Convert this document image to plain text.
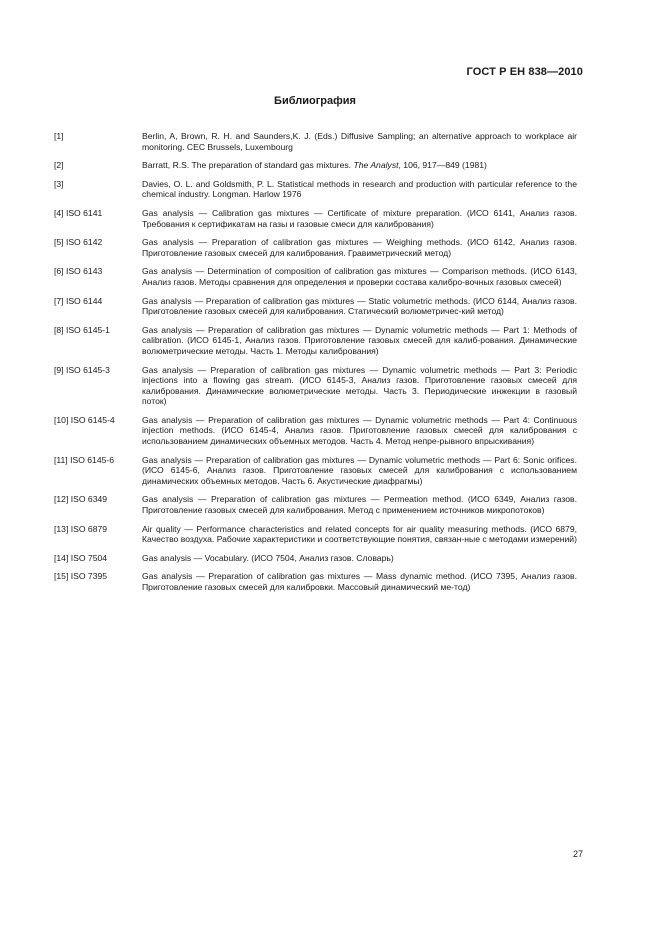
ГОСТ Р ЕН 838—2010
Библиография
[1]	Berlin, A, Brown, R. H. and Saunders,K. J. (Eds.) Diffusive Sampling; an alternative approach to workplace air monitoring. CEC Brussels, Luxembourg
[2]	Barratt, R.S. The preparation of standard gas mixtures. The Analyst, 106, 917—849 (1981)
[3]	Davies, O. L. and Goldsmith, P. L. Statistical methods in research and production with particular reference to the chemical industry. Longman. Harlow 1976
[4] ISO 6141	Gas analysis — Calibration gas mixtures — Certificate of mixture preparation. (ИСО 6141, Анализ газов. Требования к сертификатам на газы и газовые смеси для калибрования)
[5] ISO 6142	Gas analysis — Preparation of calibration gas mixtures — Weighing methods. (ИСО 6142, Анализ газов. Приготовление газовых смесей для калибрования. Гравиметрический метод)
[6] ISO 6143	Gas analysis — Determination of composition of calibration gas mixtures — Comparison methods. (ИСО 6143, Анализ газов. Методы сравнения для определения и проверки состава калибро-вочных газовых смесей)
[7] ISO 6144	Gas analysis — Preparation of calibration gas mixtures — Static volumetric methods. (ИСО 6144, Анализ газов. Приготовление газовых смесей для калибрования. Статический волюметричес-кий метод)
[8] ISO 6145-1	Gas analysis — Preparation of calibration gas mixtures — Dynamic volumetric methods — Part 1: Methods of calibration. (ИСО 6145-1, Анализ газов. Приготовление газовых смесей для калиб-рования. Динамические волюметрические методы. Часть 1. Методы калибрования)
[9] ISO 6145-3	Gas analysis — Preparation of calibration gas mixtures — Dynamic volumetric methods — Part 3: Periodic injections into a flowing gas stream. (ИСО 6145-3, Анализ газов. Приготовление газовых смесей для калибрования. Динамические волюметрические методы. Часть 3. Периодические инжекции в газовый поток)
[10] ISO 6145-4	Gas analysis — Preparation of calibration gas mixtures — Dynamic volumetric methods — Part 4: Continuous injection methods. (ИСО 6145-4, Анализ газов. Приготовление газовых смесей для калибрования с использованием динамических объемных методов. Часть 4. Метод непре-рывного впрыскивания)
[11] ISO 6145-6	Gas analysis — Preparation of calibration gas mixtures — Dynamic volumetric methods — Part 6: Sonic orifices. (ИСО 6145-6, Анализ газов. Приготовление газовых смесей для калибрования с использованием динамических объемных методов. Часть 6. Акустические диафрагмы)
[12] ISO 6349	Gas analysis — Preparation of calibration gas mixtures — Permeation method. (ИСО 6349, Анализ газов. Приготовление газовых смесей для калибрования. Метод с применением источников микропотоков)
[13] ISO 6879	Air quality — Performance characteristics and related concepts for air quality measuring methods. (ИСО 6879, Качество воздуха. Рабочие характеристики и соответствующие понятия, связан-ные с методами измерений)
[14] ISO 7504	Gas analysis — Vocabulary. (ИСО 7504, Анализ газов. Словарь)
[15] ISO 7395	Gas analysis — Preparation of calibration gas mixtures — Mass dynamic method. (ИСО 7395, Анализ газов. Приготовление газовых смесей для калибровки. Массовый динамический ме-тод)
27
